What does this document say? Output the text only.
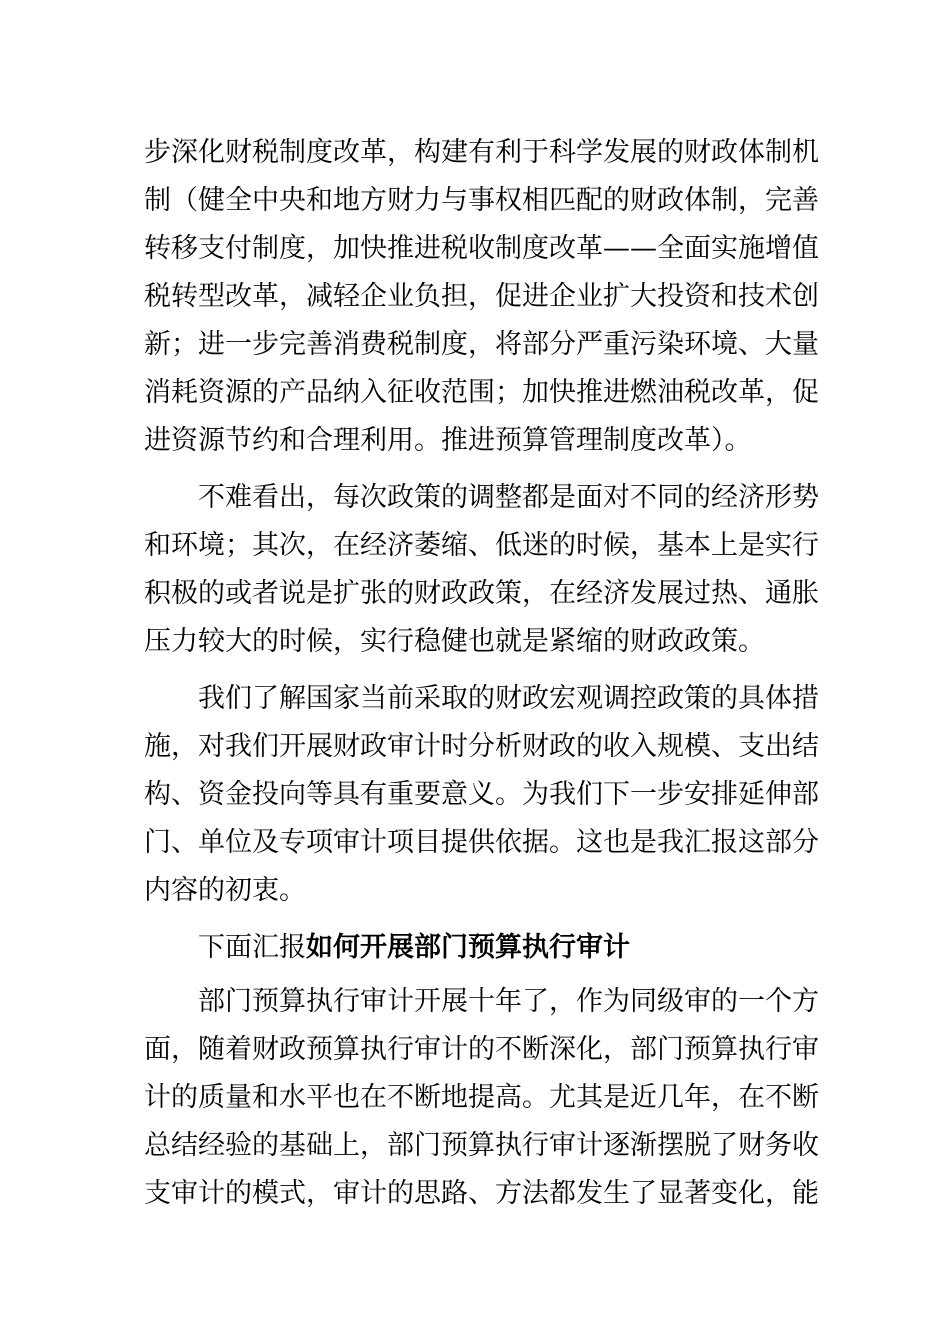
步深化财税制度改革，构建有利于科学发展的财政体制机
制（健全中央和地方财力与事权相匹配的财政体制，完善
转移支付制度，加快推进税收制度改革——全面实施增值
税转型改革，减轻企业负担，促进企业扩大投资和技术创
新；进一步完善消费税制度，将部分严重污染环境、大量
消耗资源的产品纳入征收范围；加快推进燃油税改革，促
进资源节约和合理利用。推进预算管理制度改革）。
不难看出，每次政策的调整都是面对不同的经济形势
和环境；其次，在经济萎缩、低迷的时候，基本上是实行
积极的或者说是扩张的财政政策，在经济发展过热、通胀
压力较大的时候，实行稳健也就是紧缩的财政政策。
我们了解国家当前采取的财政宏观调控政策的具体措
施，对我们开展财政审计时分析财政的收入规模、支出结
构、资金投向等具有重要意义。为我们下一步安排延伸部
门、单位及专项审计项目提供依据。这也是我汇报这部分
内容的初衷。
下面汇报如何开展部门预算执行审计
部门预算执行审计开展十年了，作为同级审的一个方
面，随着财政预算执行审计的不断深化，部门预算执行审
计的质量和水平也在不断地提高。尤其是近几年，在不断
总结经验的基础上，部门预算执行审计逐渐摆脱了财务收
支审计的模式，审计的思路、方法都发生了显著变化，能
